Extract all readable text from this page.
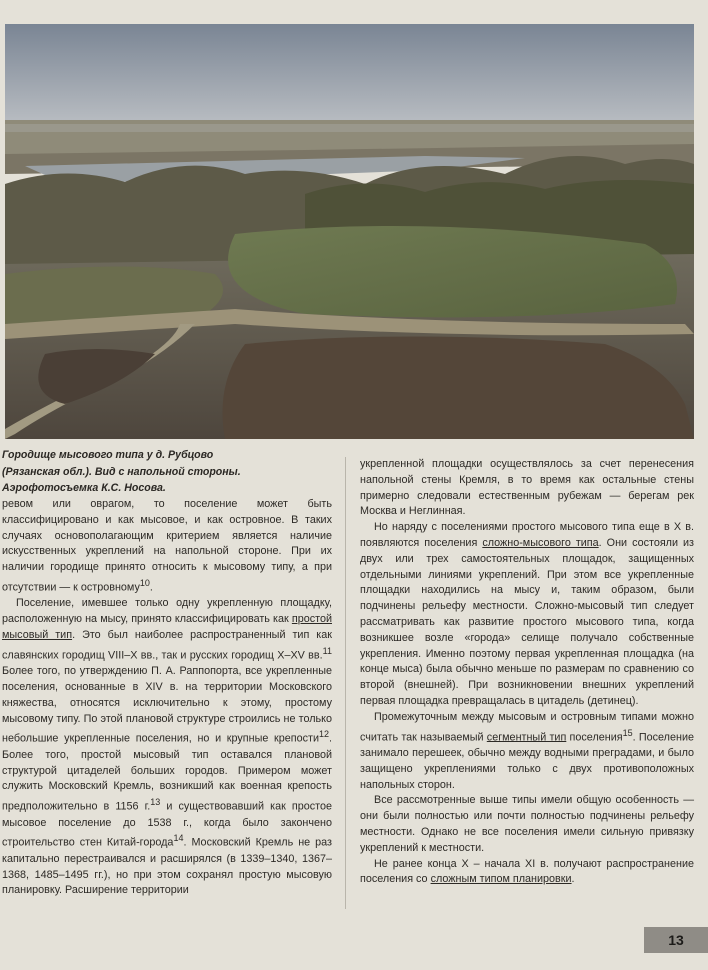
Городище мысового типа у д. Рубцово
(Рязанская обл.). Вид с напольной стороны.
Аэрофотосъемка К.С. Носова.

ревом или оврагом, то поселение может быть классифицировано и как мысовое, и как островное. В таких случаях основополагающим критерием является наличие искусственных укреплений на напольной стороне. При их наличии городище принято относить к мысовому типу, а при отсутствии — к островному$^{10}$.

Поселение, имевшее только одну укрепленную площадку, расположенную на мысу, принято классифицировать как простой мысовый тип. Это был наиболее распространенный тип как славянских городищ VIII–X вв., так и русских городищ X–XV вв.$^{11}$ Более того, по утверждению П. А. Раппопорта, все укрепленные поселения, основанные в XIV в. на территории Московского княжества, относятся исключительно к этому, простому мысовому типу. По этой плановой структуре строились не только небольшие укрепленные поселения, но и крупные крепости$^{12}$. Более того, простой мысовый тип оставался плановой структурой цитаделей больших городов. Примером может служить Московский Кремль, возникший как военная крепость предположительно в 1156 г.$^{13}$ и существовавший как простое мысовое поселение до 1538 г., когда было закончено строительство стен Китай-города$^{14}$. Московский Кремль не раз капитально перестраивался и расширялся (в 1339–1340, 1367–1368, 1485–1495 гг.), но при этом сохранял простую мысовую планировку. Расширение территории

укрепленной площадки осуществлялось за счет перенесения напольной стены Кремля, в то время как остальные стены примерно следовали естественным рубежам — берегам рек Москва и Неглинная.

Но наряду с поселениями простого мысового типа еще в X в. появляются поселения сложно-мысового типа. Они состояли из двух или трех самостоятельных площадок, защищенных отдельными линиями укреплений. При этом все укрепленные площадки находились на мысу и, таким образом, были подчинены рельефу местности. Сложно-мысовый тип следует рассматривать как развитие простого мысового типа, когда возникшее возле «города» селище получало собственные укрепления. Именно поэтому первая укрепленная площадка (на конце мыса) была обычно меньше по размерам по сравнению со второй (внешней). При возникновении внешних укреплений первая площадка превращалась в цитадель (детинец).

Промежуточным между мысовым и островным типами можно считать так называемый сегментный тип поселения$^{15}$. Поселение занимало перешеек, обычно между водными преградами, и было защищено укреплениями только с двух противоположных напольных сторон.

Все рассмотренные выше типы имели общую особенность — они были полностью или почти полностью подчинены рельефу местности. Однако не все поселения имели сильную привязку укреплений к местности.

Не ранее конца X – начала XI в. получают распространение поселения со сложным типом планировки.

13
